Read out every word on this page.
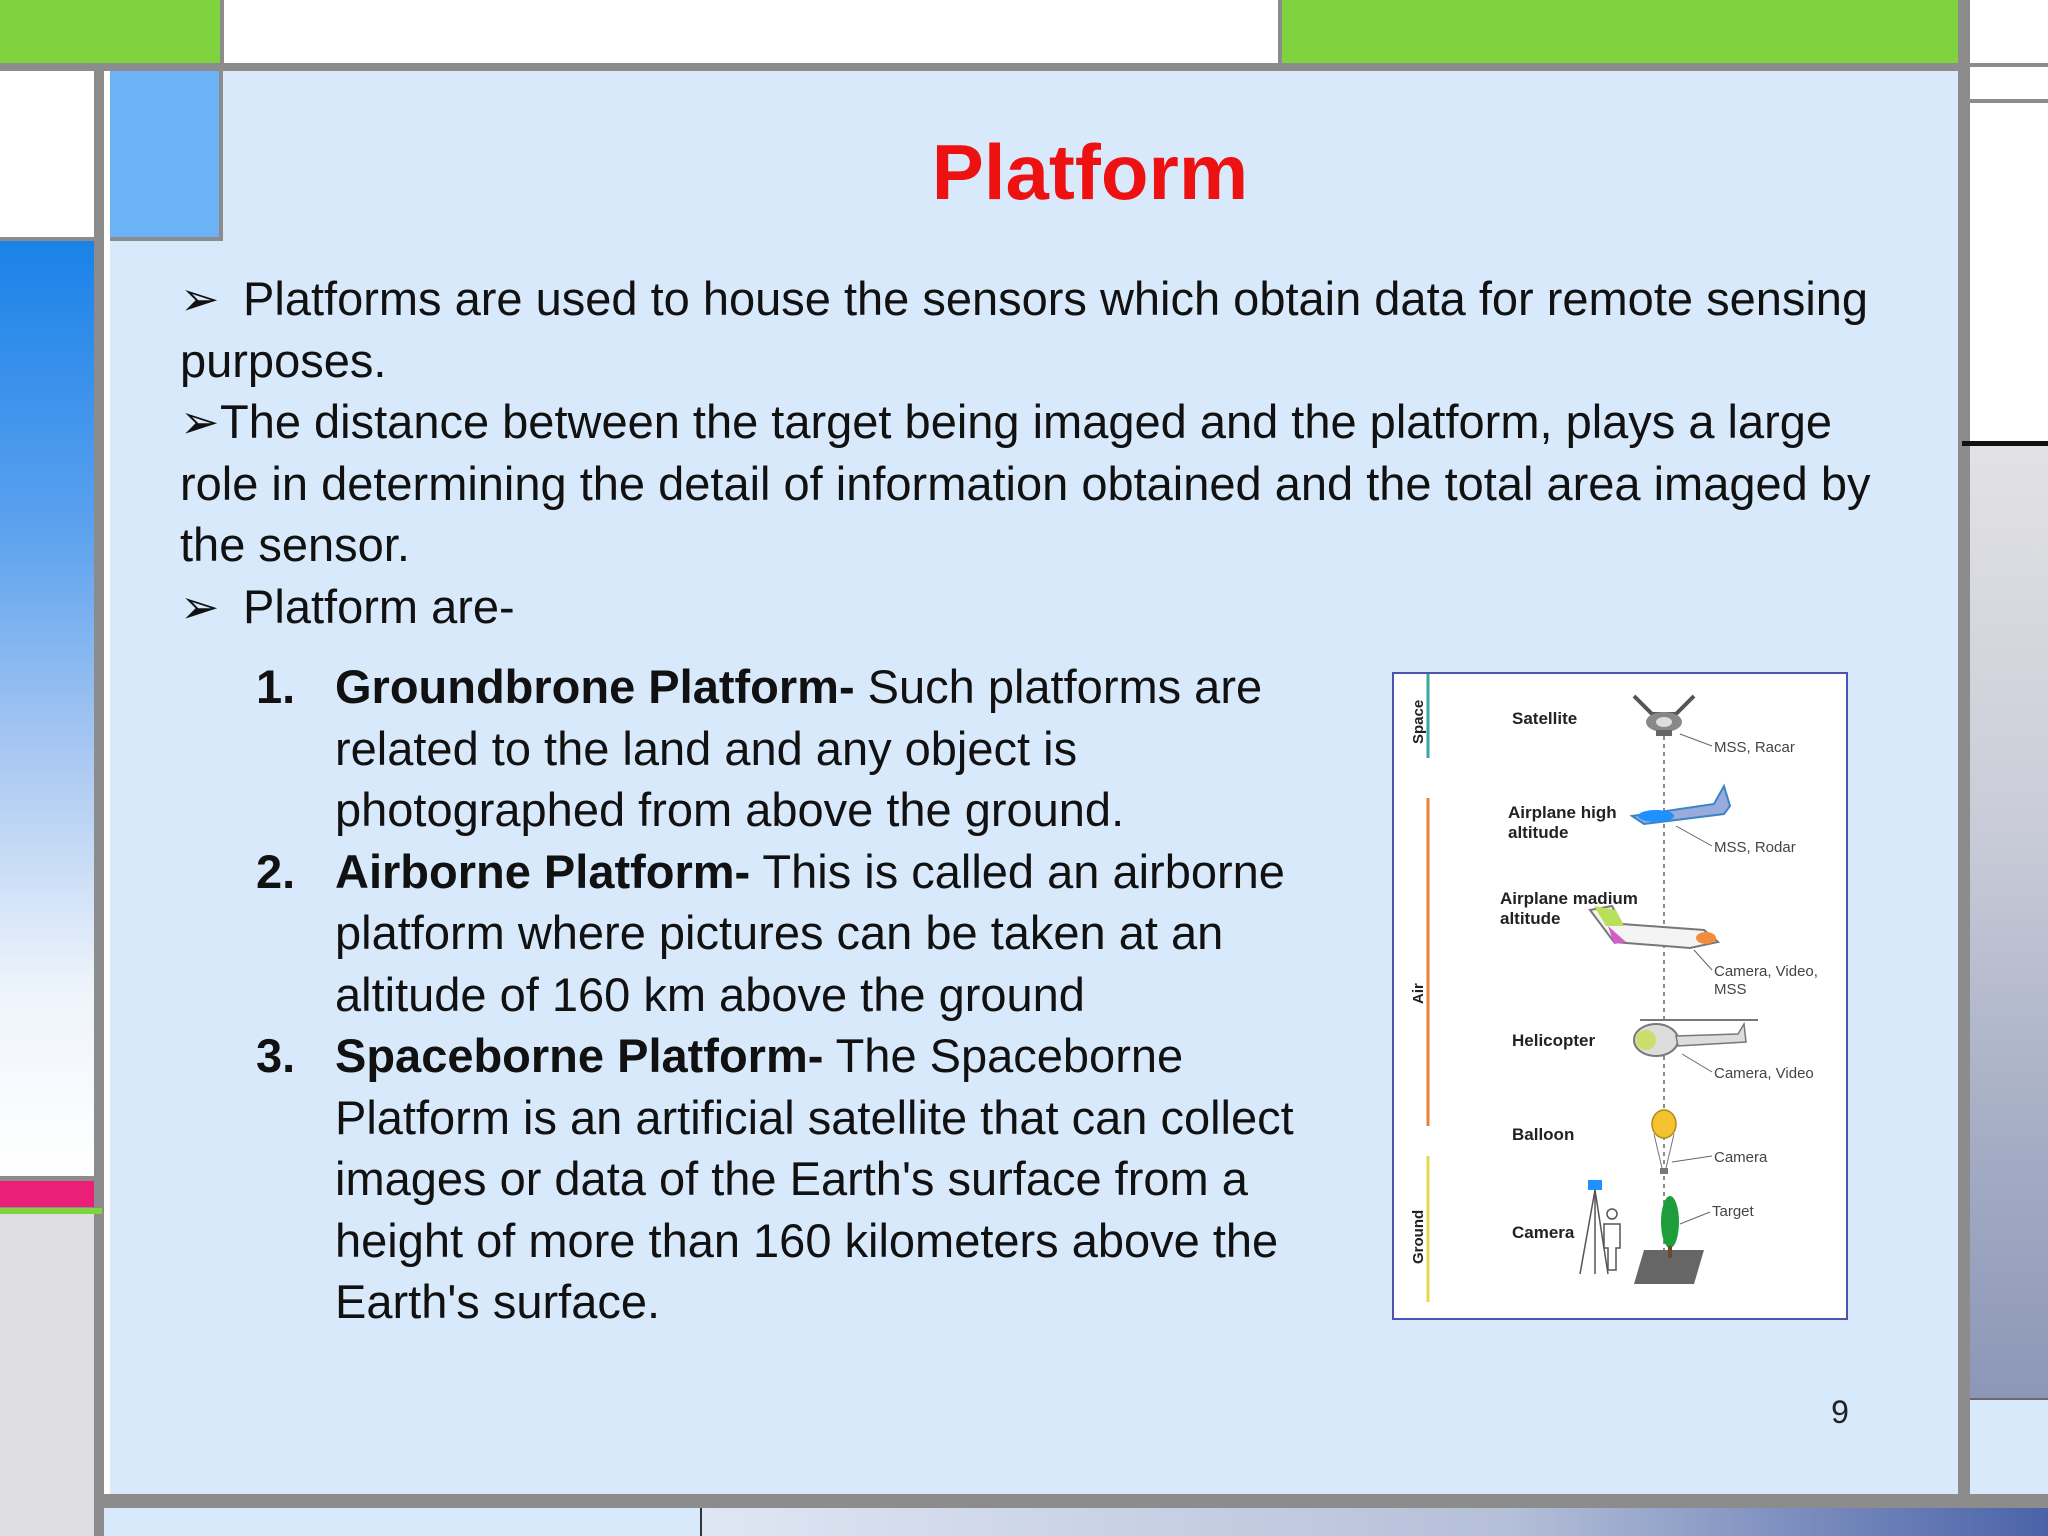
Platform

➢ Platforms are used to house the sensors which obtain data for remote sensing purposes.

➢The distance between the target being imaged and the platform, plays a large role in determining the detail of information obtained and the total area imaged by the sensor.

➢ Platform are-

1. Groundbrone Platform- Such platforms are related to the land and any object is photographed from above the ground.

2. Airborne Platform- This is called an airborne platform where pictures can be taken at an altitude of 160 km above the ground

3. Spaceborne Platform- The Spaceborne Platform is an artificial satellite that can collect images or data of the Earth's surface from a height of more than 160 kilometers above the Earth's surface.

Space
Air
Ground
Satellite
MSS, Racar
Airplane high
altitude
MSS, Rodar
Airplane madium
altitude
Camera, Video,
MSS
Helicopter
Camera, Video
Balloon
Camera
Camera
Target
9
